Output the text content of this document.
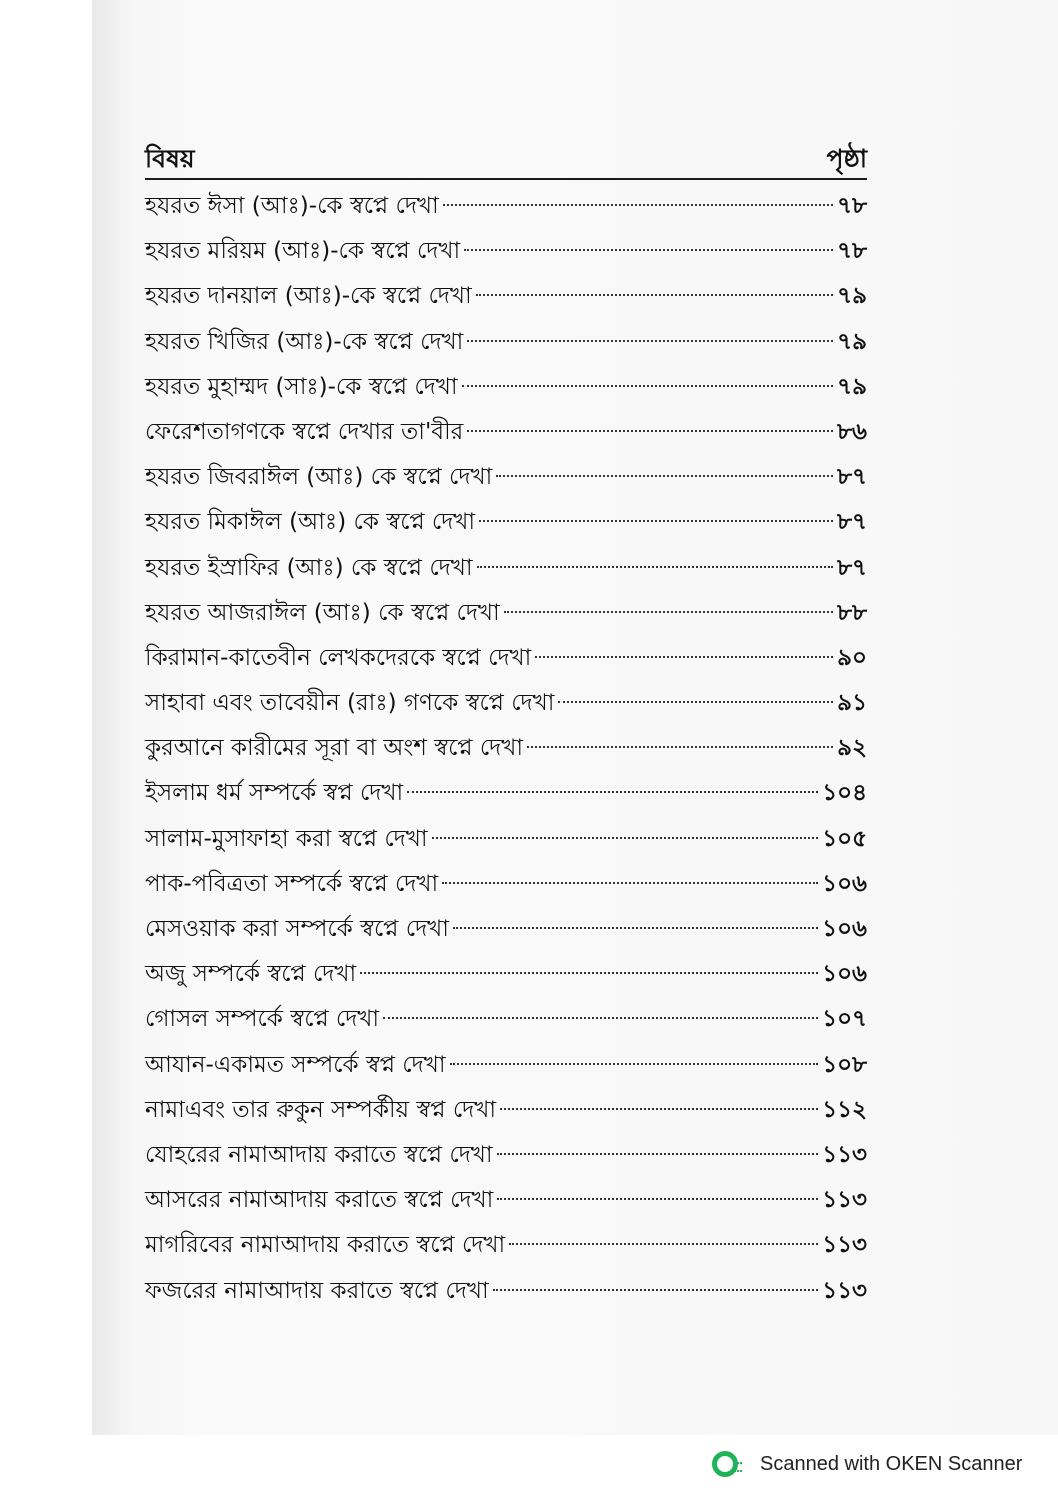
বিষয়	পৃষ্ঠা
হযরত ঈসা (আঃ)-কে স্বপ্নে দেখা	৭৮
হযরত মরিয়ম (আঃ)-কে স্বপ্নে দেখা	৭৮
হযরত দানয়াল (আঃ)-কে স্বপ্নে দেখা	৭৯
হযরত খিজির (আঃ)-কে স্বপ্নে দেখা	৭৯
হযরত মুহাম্মদ (সাঃ)-কে স্বপ্নে দেখা	৭৯
ফেরেশতাগণকে স্বপ্নে দেখার তা'বীর	৮৬
হযরত জিবরাঈল (আঃ) কে স্বপ্নে দেখা	৮৭
হযরত মিকাঈল (আঃ) কে স্বপ্নে দেখা	৮৭
হযরত ইস্রাফির (আঃ) কে স্বপ্নে দেখা	৮৭
হযরত আজরাঈল (আঃ) কে স্বপ্নে দেখা	৮৮
কিরামান-কাতেবীন লেখকদেরকে স্বপ্নে দেখা	৯০
সাহাবা এবং তাবেয়ীন (রাঃ) গণকে স্বপ্নে দেখা	৯১
কুরআনে কারীমের সূরা বা অংশ স্বপ্নে দেখা	৯২
ইসলাম ধর্ম সম্পর্কে স্বপ্ন দেখা	১০৪
সালাম-মুসাফাহা করা স্বপ্নে দেখা	১০৫
পাক-পবিত্রতা সম্পর্কে স্বপ্নে দেখা	১০৬
মেসওয়াক করা সম্পর্কে স্বপ্নে দেখা	১০৬
অজু সম্পর্কে স্বপ্নে দেখা	১০৬
গোসল সম্পর্কে স্বপ্নে দেখা	১০৭
আযান-একামত সম্পর্কে স্বপ্ন দেখা	১০৮
নামাএবং তার রুকুন সম্পর্কীয় স্বপ্ন দেখা	১১২
যোহরের নামাআদায় করাতে স্বপ্নে দেখা	১১৩
আসরের নামাআদায় করাতে স্বপ্নে দেখা	১১৩
মাগরিবের নামাআদায় করাতে স্বপ্নে দেখা	১১৩
ফজরের নামাআদায় করাতে স্বপ্নে দেখা	১১৩
Scanned with OKEN Scanner
